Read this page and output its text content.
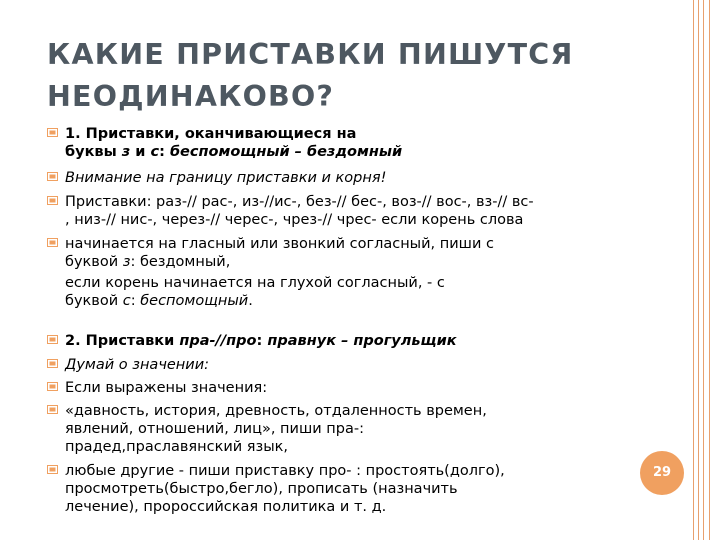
КАКИЕ ПРИСТАВКИ ПИШУТСЯ
НЕОДИНАКОВО?
1. Приставки, оканчивающиеся на
буквы з и с: беспомощный – бездомный
Внимание на границу приставки и корня!
Приставки: раз-// рас-, из-//ис-, без-// бес-, воз-// вос-, вз-// вс-
, низ-// нис-, через-// черес-, чрез-// чрес- если корень слова
начинается на гласный или звонкий согласный, пиши с
буквой з: бездомный,
если корень начинается на глухой согласный, - с
буквой с: беспомощный.
2. Приставки пра-//про: правнук – прогульщик
Думай о значении:
Если выражены значения:
«давность, история, древность, отдаленность времен,
явлений, отношений, лиц», пиши пра-:
прадед,праславянский язык,
любые другие - пиши приставку про- : простоять(долго),
просмотреть(быстро,бегло), прописать (назначить
лечение), пророссийская политика и т. д.
29
